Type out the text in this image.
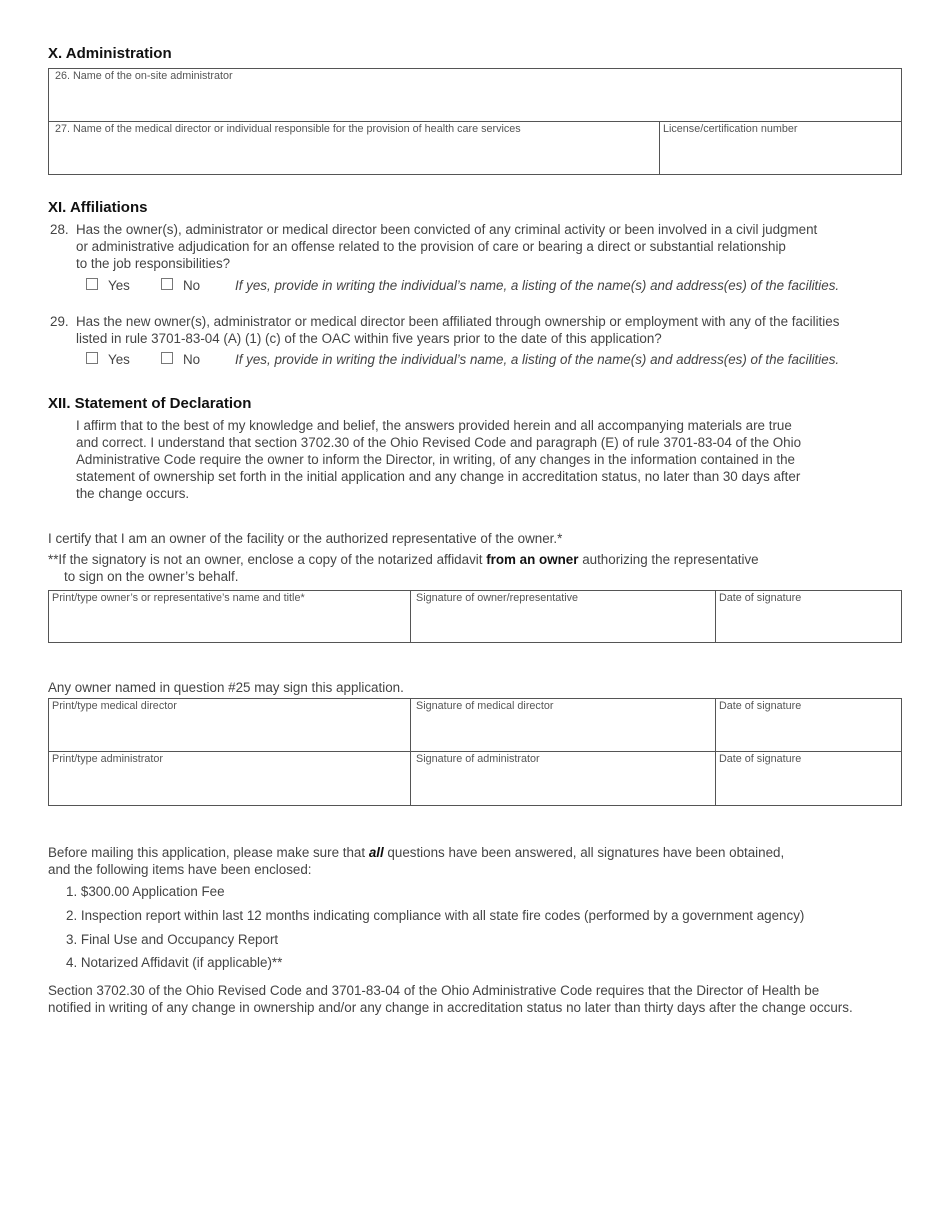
X. Administration
26. Name of the on-site administrator
27. Name of the medical director or individual responsible for the provision of health care services	License/certification number
XI. Affiliations
28. Has the owner(s), administrator or medical director been convicted of any criminal activity or been involved in a civil judgment
or administrative adjudication for an offense related to the provision of care or bearing a direct or substantial relationship
to the job responsibilities?
Yes	No	If yes, provide in writing the individual’s name, a listing of the name(s) and address(es) of the facilities.
29. Has the new owner(s), administrator or medical director been affiliated through ownership or employment with any of the facilities
listed in rule 3701-83-04 (A) (1) (c) of the OAC within five years prior to the date of this application?
Yes	No	If yes, provide in writing the individual’s name, a listing of the name(s) and address(es) of the facilities.
XII. Statement of Declaration
I affirm that to the best of my knowledge and belief, the answers provided herein and all accompanying materials are true
and correct. I understand that section 3702.30 of the Ohio Revised Code and paragraph (E) of rule 3701-83-04 of the Ohio
Administrative Code require the owner to inform the Director, in writing, of any changes in the information contained in the
statement of ownership set forth in the initial application and any change in accreditation status, no later than 30 days after
the change occurs.
I certify that I am an owner of the facility or the authorized representative of the owner.*
**If the signatory is not an owner, enclose a copy of the notarized affidavit from an owner authorizing the representative
to sign on the owner’s behalf.
Print/type owner’s or representative’s name and title*	Signature of owner/representative	Date of signature
Any owner named in question #25 may sign this application.
Print/type medical director	Signature of medical director	Date of signature
Print/type administrator	Signature of administrator	Date of signature
Before mailing this application, please make sure that all questions have been answered, all signatures have been obtained,
and the following items have been enclosed:
1. $300.00 Application Fee
2. Inspection report within last 12 months indicating compliance with all state fire codes (performed by a government agency)
3. Final Use and Occupancy Report
4. Notarized Affidavit (if applicable)**
Section 3702.30 of the Ohio Revised Code and 3701-83-04 of the Ohio Administrative Code requires that the Director of Health be
notified in writing of any change in ownership and/or any change in accreditation status no later than thirty days after the change occurs.
